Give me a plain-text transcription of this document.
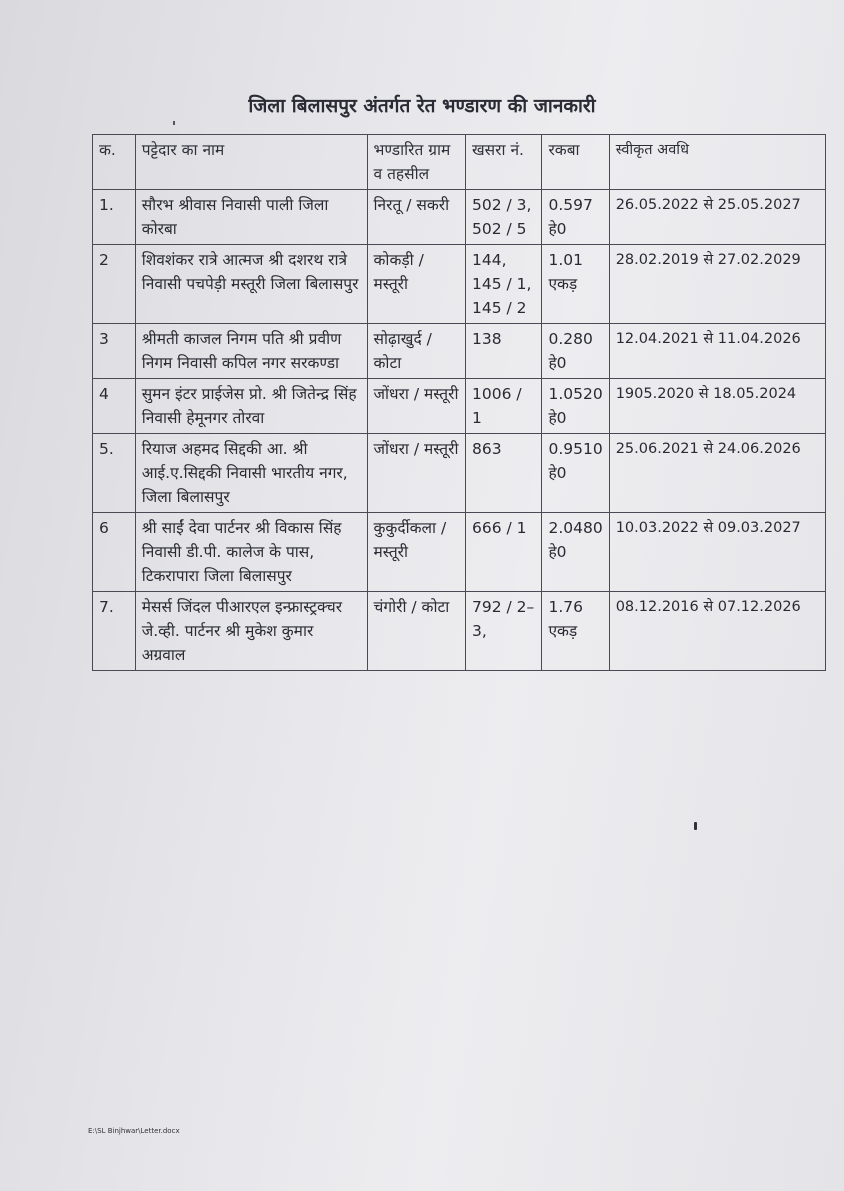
जिला बिलासपुर अंतर्गत रेत भण्डारण की जानकारी
क.	पट्टेदार का नाम	भण्डारित ग्राम व तहसील	खसरा नं.	रकबा	स्वीकृत अवधि
1.	सौरभ श्रीवास निवासी पाली जिला कोरबा	निरतू / सकरी	502 / 3, 502 / 5	0.597 हे0	26.05.2022 से 25.05.2027
2	शिवशंकर रात्रे आत्मज श्री दशरथ रात्रे निवासी पचपेड़ी मस्तूरी जिला बिलासपुर	कोकड़ी / मस्तूरी	144, 145 / 1, 145 / 2	1.01 एकड़	28.02.2019 से 27.02.2029
3	श्रीमती काजल निगम पति श्री प्रवीण निगम निवासी कपिल नगर सरकण्डा	सोढ़ाखुर्द / कोटा	138	0.280 हे0	12.04.2021 से 11.04.2026
4	सुमन इंटर प्राईजेस प्रो. श्री जितेन्द्र सिंह निवासी हेमूनगर तोरवा	जोंधरा / मस्तूरी	1006 / 1	1.0520 हे0	1905.2020 से 18.05.2024
5.	रियाज अहमद सिद्दकी आ. श्री आई.ए.सिद्दकी निवासी भारतीय नगर, जिला बिलासपुर	जोंधरा / मस्तूरी	863	0.9510 हे0	25.06.2021 से 24.06.2026
6	श्री साईं देवा पार्टनर श्री विकास सिंह निवासी डी.पी. कालेज के पास, टिकरापारा जिला बिलासपुर	कुकुर्दीकला / मस्तूरी	666 / 1	2.0480 हे0	10.03.2022 से 09.03.2027
7.	मेसर्स जिंदल पीआरएल इन्फ्रास्ट्रक्चर जे.व्ही. पार्टनर श्री मुकेश कुमार अग्रवाल	चंगोरी / कोटा	792 / 2–3,	1.76 एकड़	08.12.2016 से 07.12.2026
E:\SL Binjhwar\Letter.docx
